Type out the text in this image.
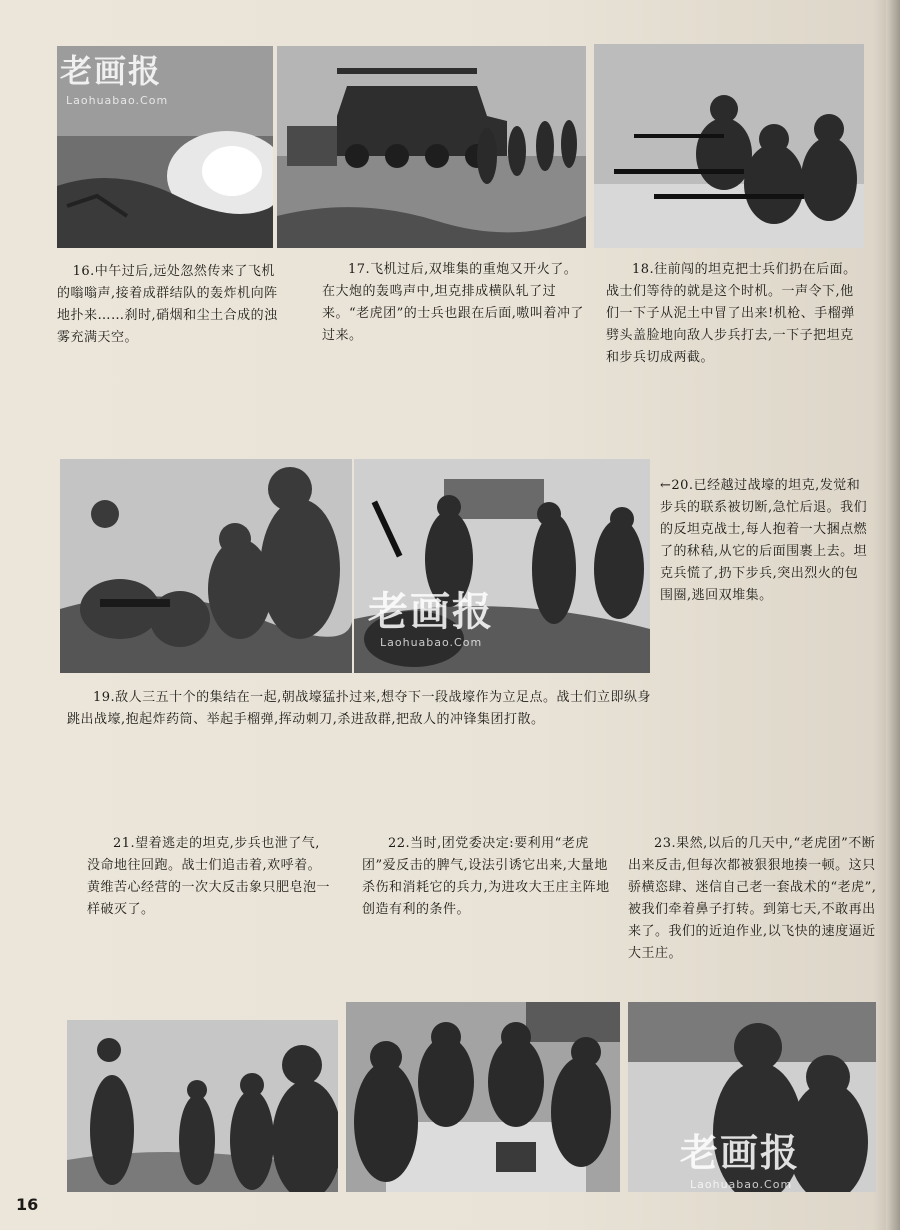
老画报
Laohuabao.Com

16.中午过后,远处忽然传来了飞机的嗡嗡声,接着成群结队的轰炸机向阵地扑来……刹时,硝烟和尘土合成的浊雾充满天空。

17.飞机过后,双堆集的重炮又开火了。在大炮的轰鸣声中,坦克排成横队轧了过来。“老虎团”的士兵也跟在后面,嗷叫着冲了过来。

18.往前闯的坦克把士兵们扔在后面。战士们等待的就是这个时机。一声令下,他们一下子从泥土中冒了出来!机枪、手榴弹劈头盖脸地向敌人步兵打去,一下子把坦克和步兵切成两截。

老画报
Laohuabao.Com

←20.已经越过战壕的坦克,发觉和步兵的联系被切断,急忙后退。我们的反坦克战士,每人抱着一大捆点燃了的秫秸,从它的后面围裹上去。坦克兵慌了,扔下步兵,突出烈火的包围圈,逃回双堆集。

19.敌人三五十个的集结在一起,朝战壕猛扑过来,想夺下一段战壕作为立足点。战士们立即纵身跳出战壕,抱起炸药筒、举起手榴弹,挥动刺刀,杀进敌群,把敌人的冲锋集团打散。

21.望着逃走的坦克,步兵也泄了气,没命地往回跑。战士们追击着,欢呼着。黄维苦心经营的一次大反击象只肥皂泡一样破灭了。

22.当时,团党委决定:要利用“老虎团”爱反击的脾气,设法引诱它出来,大量地杀伤和消耗它的兵力,为进攻大王庄主阵地创造有利的条件。

23.果然,以后的几天中,“老虎团”不断出来反击,但每次都被狠狠地揍一顿。这只骄横恣肆、迷信自己老一套战术的“老虎”,被我们牵着鼻子打转。到第七天,不敢再出来了。我们的近迫作业,以飞快的速度逼近大王庄。

老画报
Laohuabao.Com
16
